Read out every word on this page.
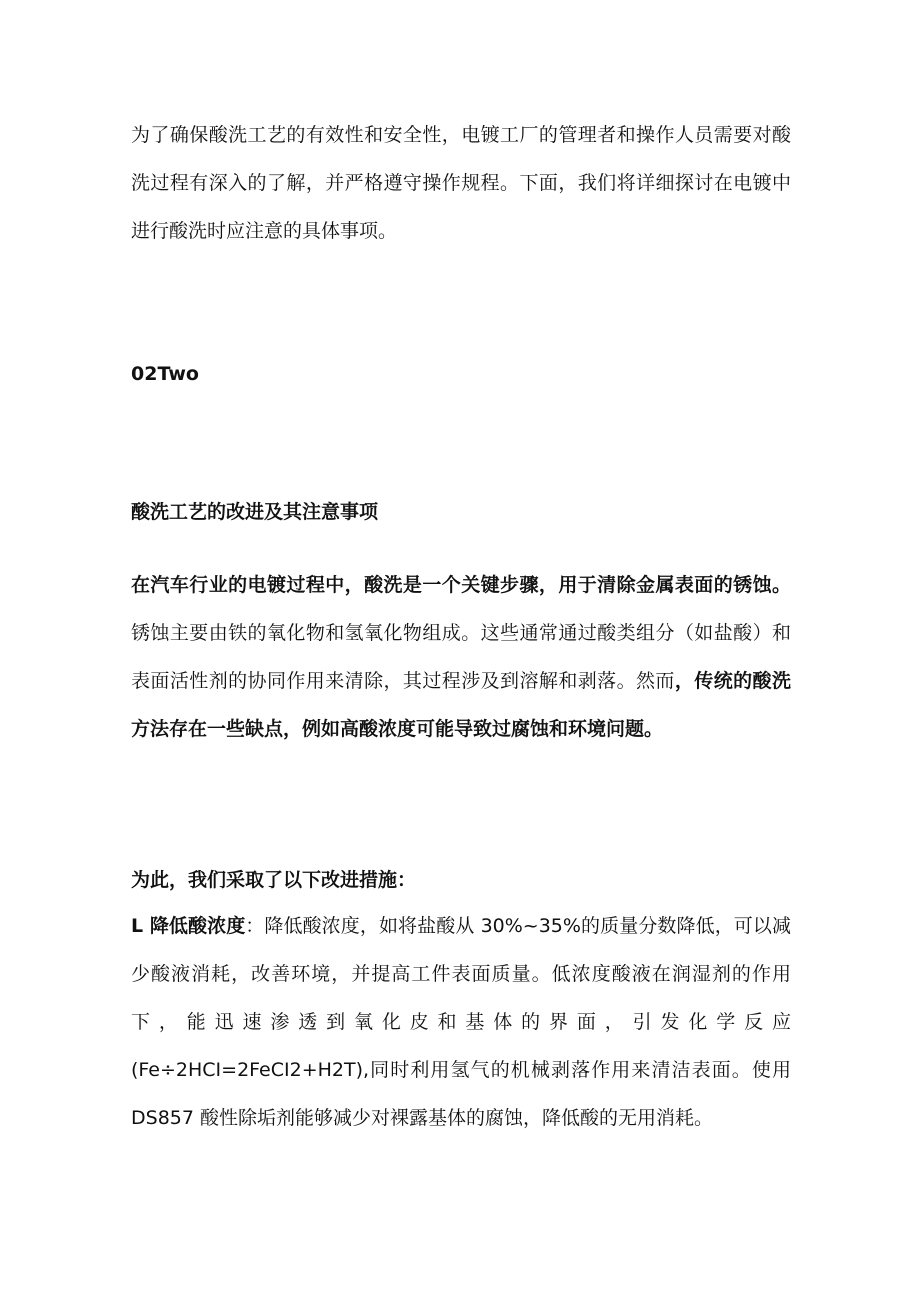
为了确保酸洗工艺的有效性和安全性，电镀工厂的管理者和操作人员需要对酸洗过程有深入的了解，并严格遵守操作规程。下面，我们将详细探讨在电镀中进行酸洗时应注意的具体事项。

02Two
酸洗工艺的改进及其注意事项

在汽车行业的电镀过程中，酸洗是一个关键步骤，用于清除金属表面的锈蚀。锈蚀主要由铁的氧化物和氢氧化物组成。这些通常通过酸类组分（如盐酸）和表面活性剂的协同作用来清除，其过程涉及到溶解和剥落。然而，传统的酸洗方法存在一些缺点，例如高酸浓度可能导致过腐蚀和环境问题。

为此，我们采取了以下改进措施：

L 降低酸浓度：降低酸浓度，如将盐酸从 30%~35%的质量分数降低，可以减少酸液消耗，改善环境，并提高工件表面质量。低浓度酸液在润湿剂的作用下，能迅速渗透到氧化皮和基体的界面，引发化学反应(Fe÷2HCI=2FeCI2+H2T),同时利用氢气的机械剥落作用来清洁表面。使用 DS857 酸性除垢剂能够减少对裸露基体的腐蚀，降低酸的无用消耗。
